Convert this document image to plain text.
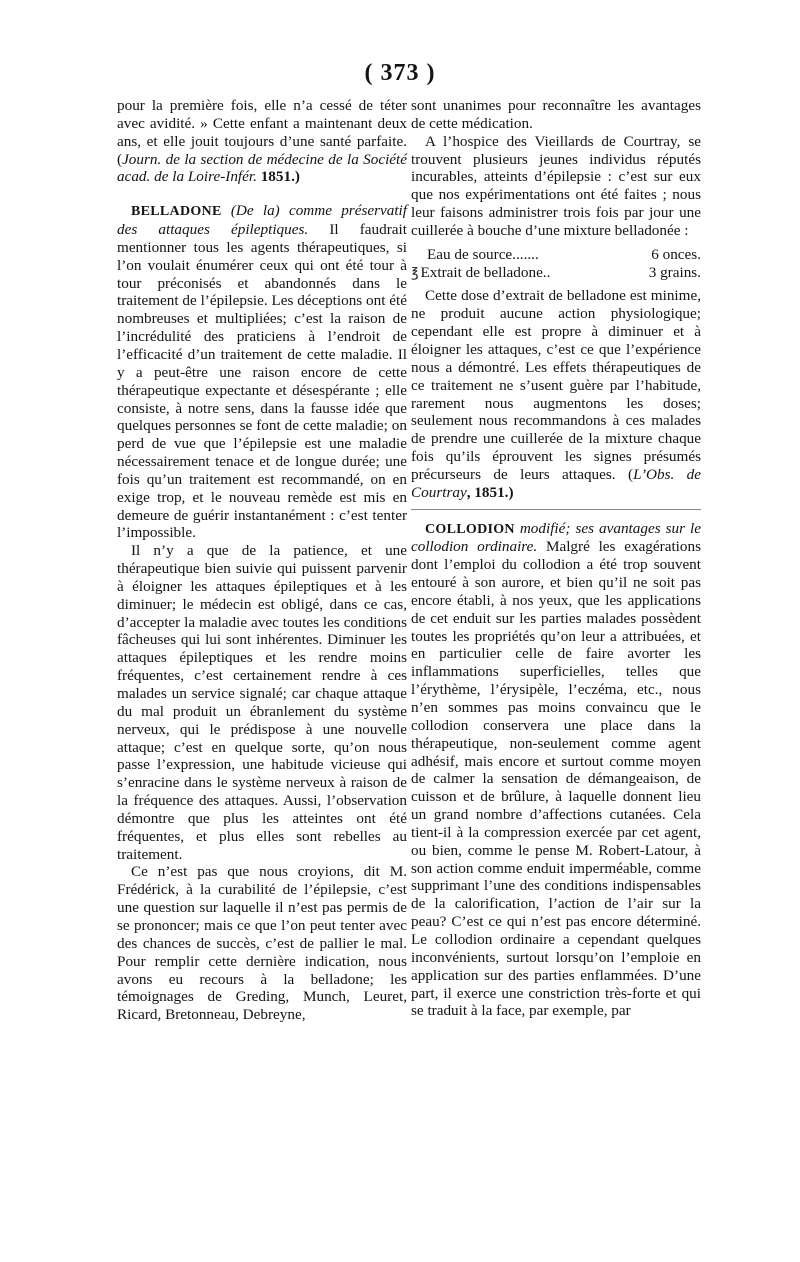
( 373 )

pour la première fois, elle n’a cessé de téter avec avidité. » Cette enfant a maintenant deux ans, et elle jouit toujours d’une santé parfaite. (Journ. de la section de médecine de la Société acad. de la Loire-Infér. 1851.)

BELLADONE (De la) comme préservatif des attaques épileptiques. Il faudrait mentionner tous les agents thérapeutiques, si l’on voulait énumérer ceux qui ont été tour à tour préconisés et abandonnés dans le traitement de l’épilepsie. Les déceptions ont été nombreuses et multipliées; c’est la raison de l’incrédulité des praticiens à l’endroit de l’efficacité d’un traitement de cette maladie. Il y a peut-être une raison encore de cette thérapeutique expectante et désespérante ; elle consiste, à notre sens, dans la fausse idée que quelques personnes se font de cette maladie; on perd de vue que l’épilepsie est une maladie nécessairement tenace et de longue durée; une fois qu’un traitement est recommandé, on en exige trop, et le nouveau remède est mis en demeure de guérir instantanément : c’est tenter l’impossible.

Il n’y a que de la patience, et une thérapeutique bien suivie qui puissent parvenir à éloigner les attaques épileptiques et à les diminuer; le médecin est obligé, dans ce cas, d’accepter la maladie avec toutes les conditions fâcheuses qui lui sont inhérentes. Diminuer les attaques épileptiques et les rendre moins fréquentes, c’est certainement rendre à ces malades un service signalé; car chaque attaque du mal produit un ébranlement du système nerveux, qui le prédispose à une nouvelle attaque; c’est en quelque sorte, qu’on nous passe l’expression, une habitude vicieuse qui s’enracine dans le système nerveux à raison de la fréquence des attaques. Aussi, l’observation démontre que plus les atteintes ont été fréquentes, et plus elles sont rebelles au traitement.

Ce n’est pas que nous croyions, dit M. Frédérick, à la curabilité de l’épilepsie, c’est une question sur laquelle il n’est pas permis de se prononcer; mais ce que l’on peut tenter avec des chances de succès, c’est de pallier le mal. Pour remplir cette dernière indication, nous avons eu recours à la belladone; les témoignages de Greding, Munch, Leuret, Ricard, Bretonneau, Debreyne,

sont unanimes pour reconnaître les avantages de cette médication.

A l’hospice des Vieillards de Courtray, se trouvent plusieurs jeunes individus réputés incurables, atteints d’épilepsie : c’est sur eux que nos expérimentations ont été faites ; nous leur faisons administrer trois fois par jour une cuillerée à bouche d’une mixture belladonée :

Eau de source.......	6 onces.
℥ Extrait de belladone..	3 grains.

Cette dose d’extrait de belladone est minime, ne produit aucune action physiologique; cependant elle est propre à diminuer et à éloigner les attaques, c’est ce que l’expérience nous a démontré. Les effets thérapeutiques de ce traitement ne s’usent guère par l’habitude, rarement nous augmentons les doses; seulement nous recommandons à ces malades de prendre une cuillerée de la mixture chaque fois qu’ils éprouvent les signes présumés précurseurs de leurs attaques. (L’Obs. de Courtray, 1851.)

COLLODION modifié; ses avantages sur le collodion ordinaire. Malgré les exagérations dont l’emploi du collodion a été trop souvent entouré à son aurore, et bien qu’il ne soit pas encore établi, à nos yeux, que les applications de cet enduit sur les parties malades possèdent toutes les propriétés qu’on leur a attribuées, et en particulier celle de faire avorter les inflammations superficielles, telles que l’érythème, l’érysipèle, l’eczéma, etc., nous n’en sommes pas moins convaincu que le collodion conservera une place dans la thérapeutique, non-seulement comme agent adhésif, mais encore et surtout comme moyen de calmer la sensation de démangeaison, de cuisson et de brûlure, à laquelle donnent lieu un grand nombre d’affections cutanées. Cela tient-il à la compression exercée par cet agent, ou bien, comme le pense M. Robert-Latour, à son action comme enduit imperméable, comme supprimant l’une des conditions indispensables de la calorification, l’action de l’air sur la peau? C’est ce qui n’est pas encore déterminé. Le collodion ordinaire a cependant quelques inconvénients, surtout lorsqu’on l’emploie en application sur des parties enflammées. D’une part, il exerce une constriction très-forte et qui se traduit à la face, par exemple, par
